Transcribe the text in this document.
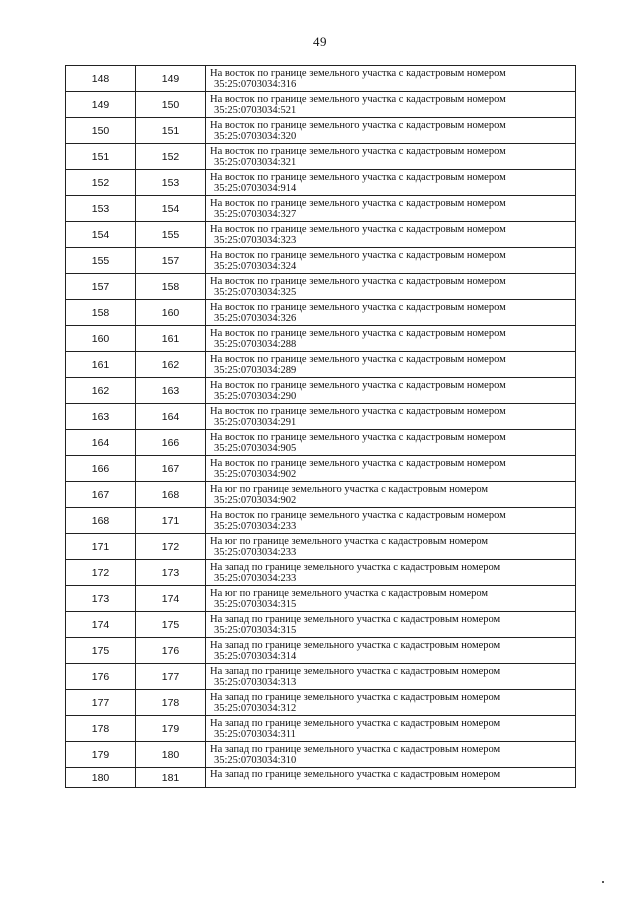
49
148	149	На восток по границе земельного участка с кадастровым номером
35:25:0703034:316

149	150	На восток по границе земельного участка с кадастровым номером
35:25:0703034:521

150	151	На восток по границе земельного участка с кадастровым номером
35:25:0703034:320

151	152	На восток по границе земельного участка с кадастровым номером
35:25:0703034:321

152	153	На восток по границе земельного участка с кадастровым номером
35:25:0703034:914

153	154	На восток по границе земельного участка с кадастровым номером
35:25:0703034:327

154	155	На восток по границе земельного участка с кадастровым номером
35:25:0703034:323

155	157	На восток по границе земельного участка с кадастровым номером
35:25:0703034:324

157	158	На восток по границе земельного участка с кадастровым номером
35:25:0703034:325

158	160	На восток по границе земельного участка с кадастровым номером
35:25:0703034:326

160	161	На восток по границе земельного участка с кадастровым номером
35:25:0703034:288

161	162	На восток по границе земельного участка с кадастровым номером
35:25:0703034:289

162	163	На восток по границе земельного участка с кадастровым номером
35:25:0703034:290

163	164	На восток по границе земельного участка с кадастровым номером
35:25:0703034:291

164	166	На восток по границе земельного участка с кадастровым номером
35:25:0703034:905

166	167	На восток по границе земельного участка с кадастровым номером
35:25:0703034:902

167	168	На юг по границе земельного участка с кадастровым номером
35:25:0703034:902

168	171	На восток по границе земельного участка с кадастровым номером
35:25:0703034:233

171	172	На юг по границе земельного участка с кадастровым номером
35:25:0703034:233

172	173	На запад по границе земельного участка с кадастровым номером
35:25:0703034:233

173	174	На юг по границе земельного участка с кадастровым номером
35:25:0703034:315

174	175	На запад по границе земельного участка с кадастровым номером
35:25:0703034:315

175	176	На запад по границе земельного участка с кадастровым номером
35:25:0703034:314

176	177	На запад по границе земельного участка с кадастровым номером
35:25:0703034:313

177	178	На запад по границе земельного участка с кадастровым номером
35:25:0703034:312

178	179	На запад по границе земельного участка с кадастровым номером
35:25:0703034:311

179	180	На запад по границе земельного участка с кадастровым номером
35:25:0703034:310

180	181	На запад по границе земельного участка с кадастровым номером
